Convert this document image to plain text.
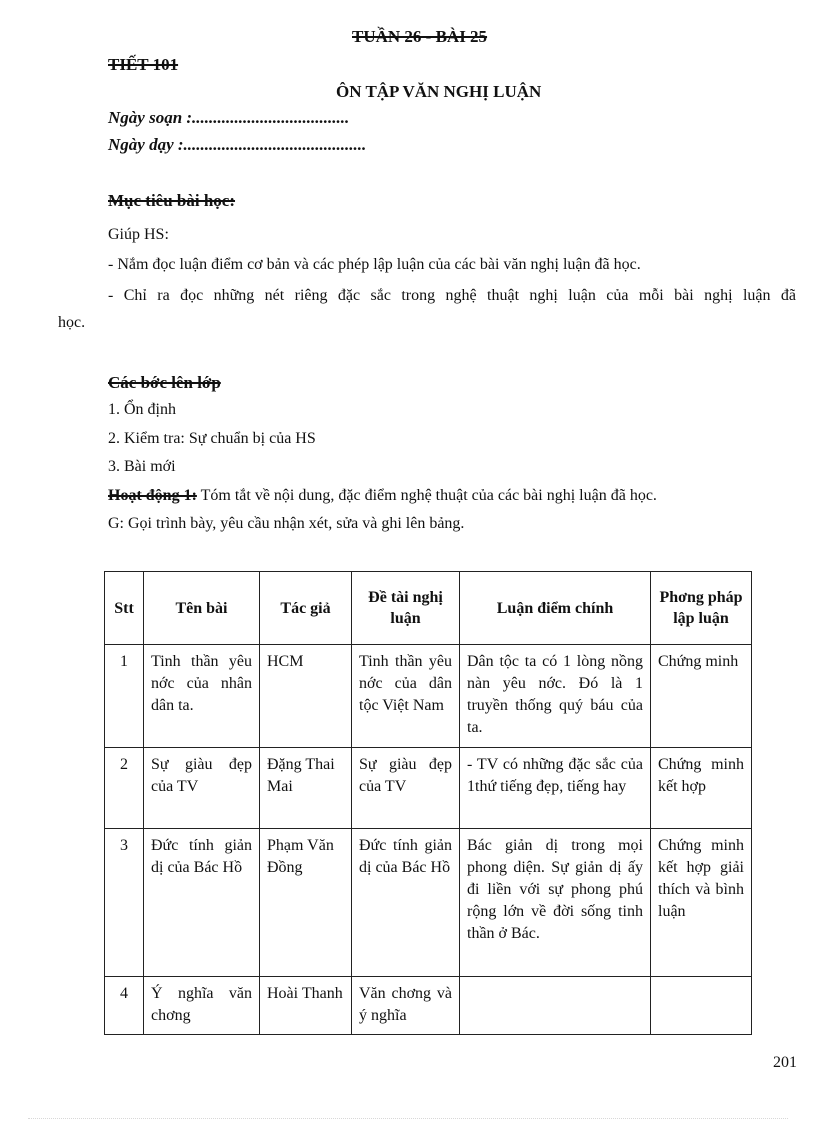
TUẦN 26 - BÀI 25
TIẾT 101
ÔN TẬP VĂN NGHỊ LUẬN
Ngày soạn :.....................................
Ngày dạy :...........................................
Mục tiêu bài học:
Giúp HS:
- Nắm đọc luận điểm cơ bản và các phép lập luận của các bài văn nghị luận đã học.
- Chỉ ra đọc những nét riêng đặc sắc trong nghệ thuật nghị luận của mỗi bài nghị luận đã
học.
Các bớc lên lớp
1. Ổn định
2. Kiểm tra: Sự chuẩn bị của HS
3. Bài mới
Hoạt động 1: Tóm tắt về nội dung, đặc điểm nghệ thuật của các bài nghị luận đã học.
G: Gọi trình bày, yêu cầu nhận xét, sửa và ghi lên bảng.
Stt	Tên bài	Tác giả	Đề tài nghị luận	Luận điểm chính	Phơng pháp lập luận
1	Tinh thần yêu nớc của nhân dân ta.	HCM	Tinh thần yêu nớc của dân tộc Việt Nam	Dân tộc ta có 1 lòng nồng nàn yêu nớc. Đó là 1 truyền thống quý báu của ta.	Chứng minh
2	Sự giàu đẹp của TV	Đặng Thai Mai	Sự giàu đẹp của TV	- TV có những đặc sắc của 1thứ tiếng đẹp, tiếng hay	Chứng minh kết hợp
3	Đức tính giản dị của Bác Hồ	Phạm Văn Đồng	Đức tính giản dị của Bác Hồ	Bác giản dị trong mọi phong diện. Sự giản dị ấy đi liền với sự phong phú rộng lớn về đời sống tinh thần ở Bác.	Chứng minh kết hợp giải thích và bình luận
4	Ý nghĩa văn chơng	Hoài Thanh	Văn chơng và ý nghĩa		
201
